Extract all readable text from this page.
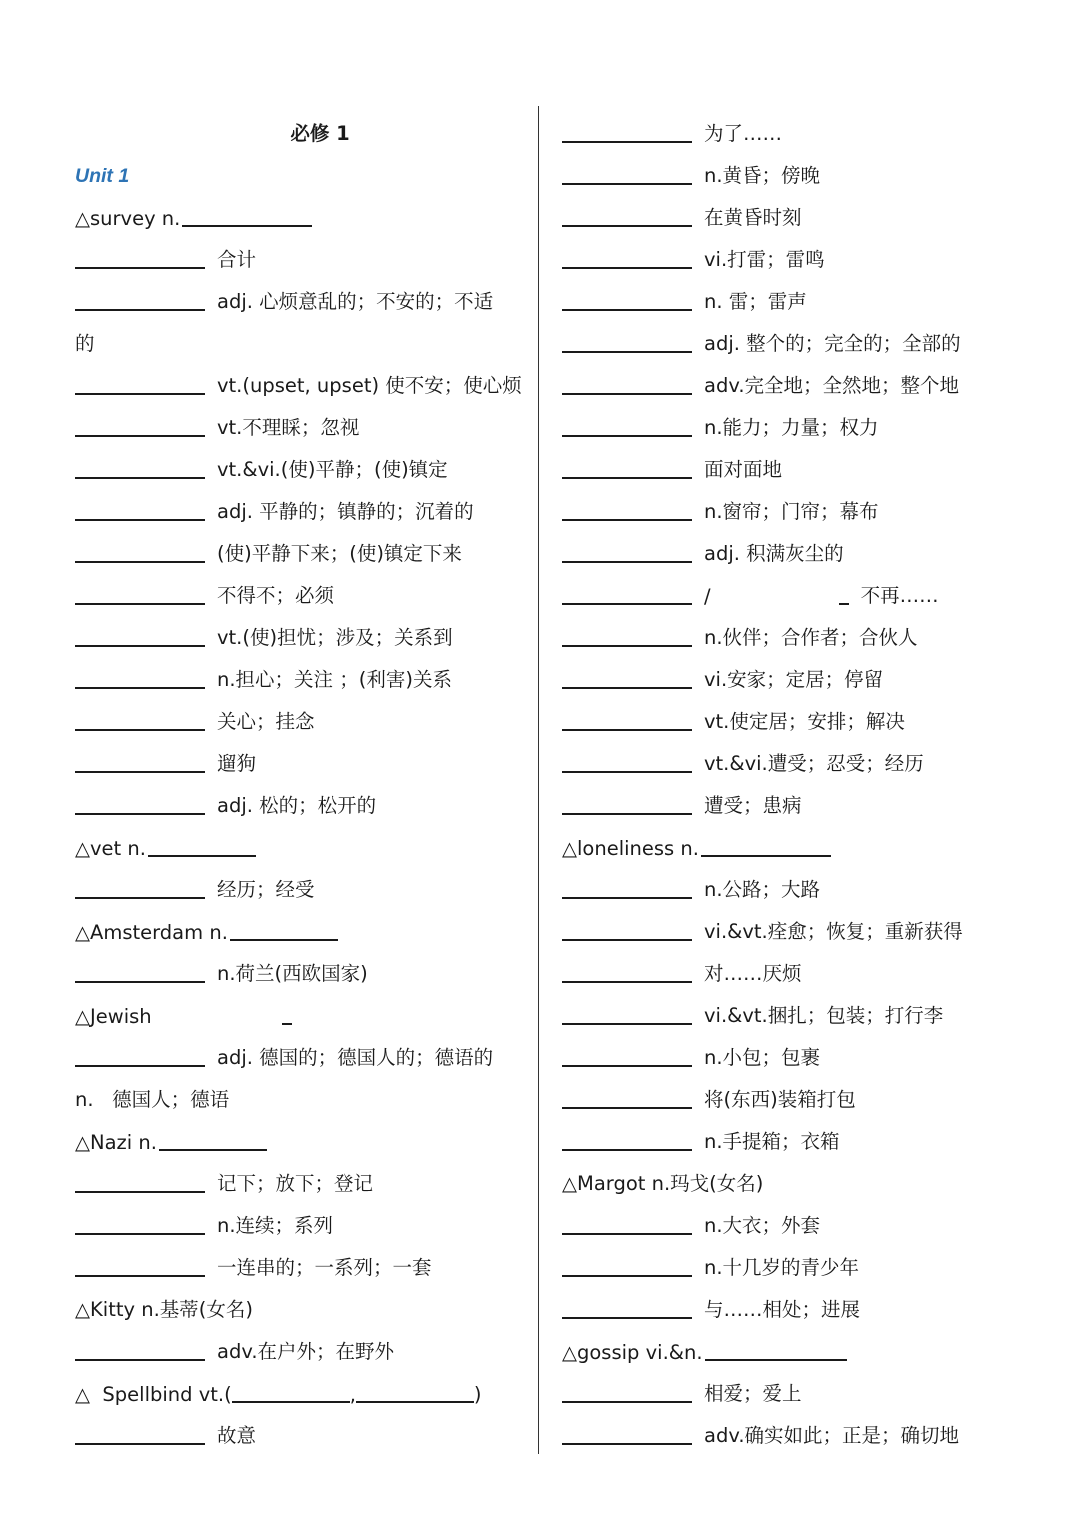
必修 1
Unit 1
△survey n.
合计
adj. 心烦意乱的；不安的；不适
的
vt.(upset, upset) 使不安；使心烦
vt.不理睬；忽视
vt.&vi.(使)平静；(使)镇定
adj. 平静的；镇静的；沉着的
(使)平静下来；(使)镇定下来
不得不；必须
vt.(使)担忧；涉及；关系到
n.担心；关注 ；(利害)关系
关心；挂念
遛狗
adj. 松的；松开的
△vet n.
经历；经受
△Amsterdam n.
n.荷兰(西欧国家)
△Jewish
adj. 德国的；德国人的；德语的
n.   德国人；德语
△Nazi n.
记下；放下；登记
n.连续；系列
一连串的；一系列；一套
△Kitty n.基蒂(女名)
adv.在户外；在野外
△  Spellbind vt.(	,	)
故意
为了……
n.黄昏；傍晚
在黄昏时刻
vi.打雷；雷鸣
n. 雷；雷声
adj. 整个的；完全的；全部的
adv.完全地；全然地；整个地
n.能力；力量；权力
面对面地
n.窗帘；门帘；幕布
adj. 积满灰尘的
/	不再……
n.伙伴；合作者；合伙人
vi.安家；定居；停留
vt.使定居；安排；解决
vt.&vi.遭受；忍受；经历
遭受；患病
△loneliness n.
n.公路；大路
vi.&vt.痊愈；恢复；重新获得
对……厌烦
vi.&vt.捆扎；包装；打行李
n.小包；包裹
将(东西)装箱打包
n.手提箱；衣箱
△Margot n.玛戈(女名)
n.大衣；外套
n.十几岁的青少年
与……相处；进展
△gossip vi.&n.
相爱；爱上
adv.确实如此；正是；确切地
